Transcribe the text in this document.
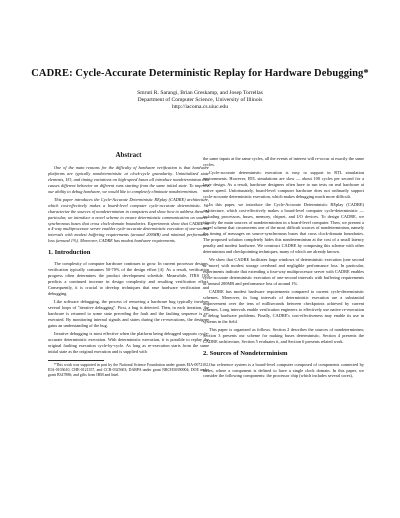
CADRE: Cycle-Accurate Deterministic Replay for Hardware Debugging*
Smruti R. Sarangi, Brian Greskamp, and Josep Torrellas
Department of Computer Science, University of Illinois
http://iacoma.cs.uiuc.edu
Abstract

One of the main reasons for the difficulty of hardware verification is that hardware platforms are typically nondeterministic at clock-cycle granularity. Uninitialized state elements, I/O, and timing variations on high-speed buses all introduce nondeterminism that causes different behavior on different runs starting from the same initial state. To improve our ability to debug hardware, we would like to completely eliminate nondeterminism.

This paper introduces the Cycle-Accurate Deterministic REplay (CADRE) architecture, which cost-effectively makes a board-level computer cycle-accurate deterministic. We characterize the sources of nondeterminism in computers and show how to address them. In particular, we introduce a novel scheme to ensure deterministic communication on source-synchronous buses that cross clock-domain boundaries. Experiments show that CADRE on a 4-way multiprocessor server enables cycle-accurate deterministic execution of one-second intervals with modest buffering requirements (around 200MB) and minimal performance loss (around 1%). Moreover, CADRE has modest hardware requirements.

1. Introduction

The complexity of computer hardware continues to grow. In current processor designs, verification typically consumes 50-70% of the design effort [4]. As a result, verification progress often determines the product development schedule. Meanwhile, ITRS [10] predicts a continued increase in design complexity and resulting verification effort. Consequently, it is crucial to develop techniques that ease hardware verification and debugging.

Like software debugging, the process of removing a hardware bug typically involves several loops of "iterative debugging". First, a bug is detected. Then, in each iteration, the hardware is returned to some state preceding the fault and the faulting sequence is re-executed. By monitoring internal signals and states during the re-executions, the designer gains an understanding of the bug.

Iterative debugging is most effective when the platform being debugged supports cycle-accurate deterministic execution. With deterministic execution, it is possible to replay the original faulting execution cycle-by-cycle. As long as re-execution starts from the same initial state as the original execution and is supplied with

*This work was supported in part by the National Science Foundation under grants EIA-0072102, EIA-0103610, CHE-0121357, and CCR-0325603; DARPA under grant NBCH30390004; DOE under grant B347886; and gifts from IBM and Intel.

the same inputs at the same cycles, all the events of interest will re-occur at exactly the same cycles.

Cycle-accurate deterministic execution is easy to support in RTL simulation environments. However, RTL simulations are slow — about 100 cycles per second for a large design. As a result, hardware designers often have to run tests on real hardware at native speed. Unfortunately, board-level computer hardware does not ordinarily support cycle-accurate deterministic execution, which makes debugging much more difficult.

In this paper, we introduce the Cycle-Accurate Deterministic REplay (CADRE) architecture, which cost-effectively makes a board-level computer cycle-deterministic — including processors, buses, memory, chipset, and I/O devices. To design CADRE, we identify the main sources of nondeterminism in a board-level computer. Then, we present a novel scheme that circumvents one of the most difficult sources of nondeterminism, namely the timing of messages on source-synchronous buses that cross clock-domain boundaries. The proposed solution completely hides this nondeterminism at the cost of a small latency penalty and modest hardware. We construct CADRE by composing this scheme with other determinism and checkpointing techniques, many of which are already known.

We show that CADRE facilitates large windows of deterministic execution (one second or more) with modest storage overhead and negligible performance loss. In particular, experiments indicate that extending a four-way multiprocessor server with CADRE enables cycle-accurate deterministic execution of one-second intervals with buffering requirements of around 200MB and performance loss of around 1%.

CADRE has modest hardware requirements compared to current cycle-deterministic schemes. Moreover, its long intervals of deterministic execution are a substantial improvement over the tens of milliseconds between checkpoints achieved by current schemes. Long intervals enable verification engineers to effectively use native re-execution to debug hardware problems. Finally, CADRE's cost-effectiveness may enable its use in systems in the field.

This paper is organized as follows. Section 2 describes the sources of nondeterminism; Section 3 presents our scheme for making buses deterministic, Section 4 presents the CADRE architecture, Section 5 evaluates it, and Section 6 presents related work.

2. Sources of Nondeterminism

Our reference system is a board-level computer composed of components connected by buses, where a component is defined to have a single clock domain. In this paper, we consider the following components: the processor chip (which includes several cores),
